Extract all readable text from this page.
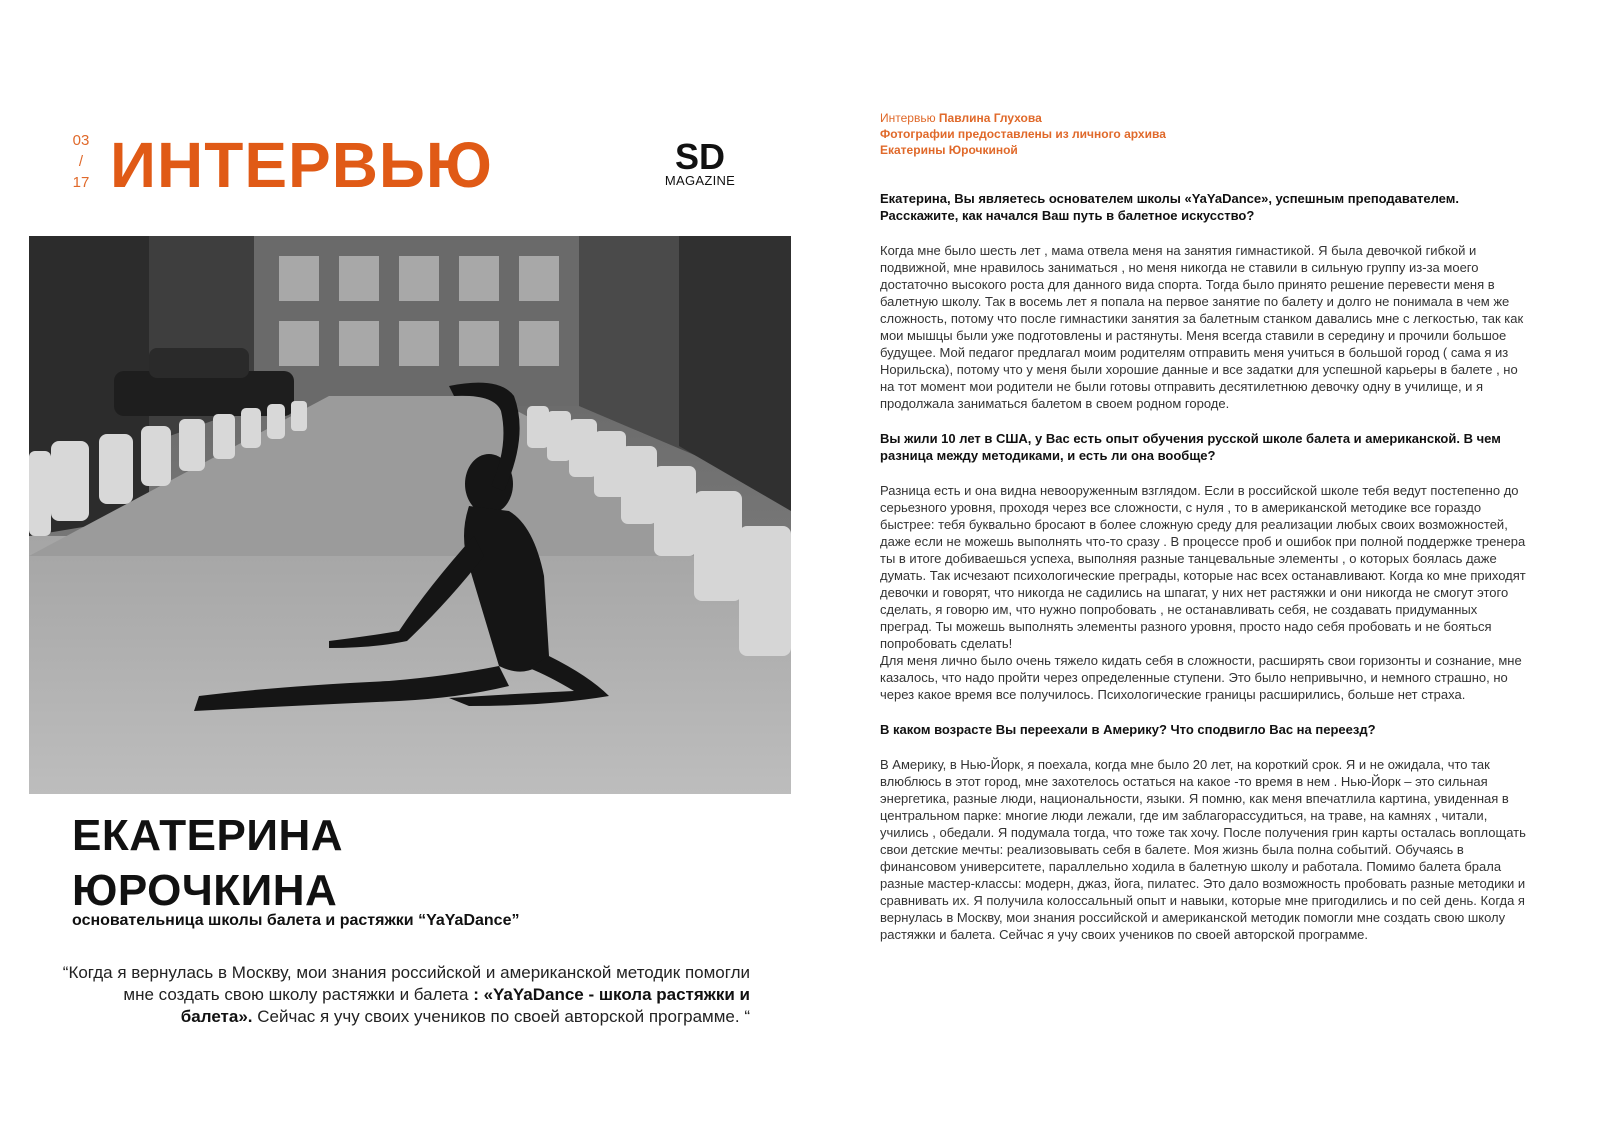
03
/
17 ИНТЕРВЬЮ	SD
MAGAZINE
ЕКАТЕРИНА
ЮРОЧКИНА
основательница школы балета и растяжки “YaYaDance”

“Когда я вернулась в Москву, мои знания российской и американской методик помогли мне создать свою школу растяжки и балета : «YaYaDance - школа растяжки и балета». Сейчас я учу своих учеников по своей авторской программе. “

Интервью Павлина Глухова
Фотографии предоставлены из личного архива
Екатерины Юрочкиной

Екатерина, Вы являетесь основателем школы «YaYaDance», успешным преподавателем. Расскажите, как начался Ваш путь в балетное искусство?

Когда мне было шесть лет , мама отвела меня на занятия гимнастикой. Я была девочкой гибкой и подвижной, мне нравилось заниматься , но меня никогда не ставили в сильную группу из-за моего достаточно высокого роста для данного вида спорта. Тогда было принято решение перевести меня в балетную школу. Так в восемь лет я попала на первое занятие по балету и долго не понимала в чем же сложность, потому что после гимнастики занятия за балетным станком давались мне с легкостью, так как мои мышцы были уже подготовлены и растянуты. Меня всегда ставили в середину и прочили большое будущее. Мой педагог предлагал моим родителям отправить меня учиться в большой город ( сама я из Норильска), потому что у меня были хорошие данные и все задатки для успешной карьеры в балете , но на тот момент мои родители не были готовы отправить десятилетнюю девочку одну в училище, и я продолжала заниматься балетом в своем родном городе.

Вы жили 10 лет в США, у Вас есть опыт обучения русской школе балета и американской. В чем разница между методиками, и есть ли она вообще?

Разница есть и она видна невооруженным взглядом. Если в российской школе тебя ведут постепенно до серьезного уровня, проходя через все сложности, с нуля , то в американской методике все гораздо быстрее: тебя буквально бросают в более сложную среду для реализации любых своих возможностей, даже если не можешь выполнять что-то сразу . В процессе проб и ошибок при полной поддержке тренера ты в итоге добиваешься успеха, выполняя разные танцевальные элементы , о которых боялась даже думать. Так исчезают психологические преграды, которые нас всех останавливают. Когда ко мне приходят девочки и говорят, что никогда не садились на шпагат, у них нет растяжки и они никогда не смогут этого сделать, я говорю им, что нужно попробовать , не останавливать себя, не создавать придуманных преград. Ты можешь выполнять элементы разного уровня, просто надо себя пробовать и не бояться попробовать сделать!

Для меня лично было очень тяжело кидать себя в сложности, расширять свои горизонты и сознание, мне казалось, что надо пройти через определенные ступени. Это было непривычно, и немного страшно, но через какое время все получилось. Психологические границы расширились, больше нет страха.

В каком возрасте Вы переехали в Америку? Что сподвигло Вас на переезд?

В Америку, в Нью-Йорк, я поехала, когда мне было 20 лет, на короткий срок. Я и не ожидала, что так влюблюсь в этот город, мне захотелось остаться на какое -то время в нем . Нью-Йорк – это сильная энергетика, разные люди, национальности, языки. Я помню, как меня впечатлила картина, увиденная в центральном парке: многие люди лежали, где им заблагорассудиться, на траве, на камнях , читали, учились , обедали. Я подумала тогда, что тоже так хочу. После получения грин карты осталась воплощать свои детские мечты: реализовывать себя в балете. Моя жизнь была полна событий. Обучаясь в финансовом университете, параллельно ходила в балетную школу и работала. Помимо балета брала разные мастер-классы: модерн, джаз, йога, пилатес. Это дало возможность пробовать разные методики и сравнивать их. Я получила колоссальный опыт и навыки, которые мне пригодились и по сей день. Когда я вернулась в Москву, мои знания российской и американской методик помогли мне создать свою школу растяжки и балета. Сейчас я учу своих учеников по своей авторской программе.
